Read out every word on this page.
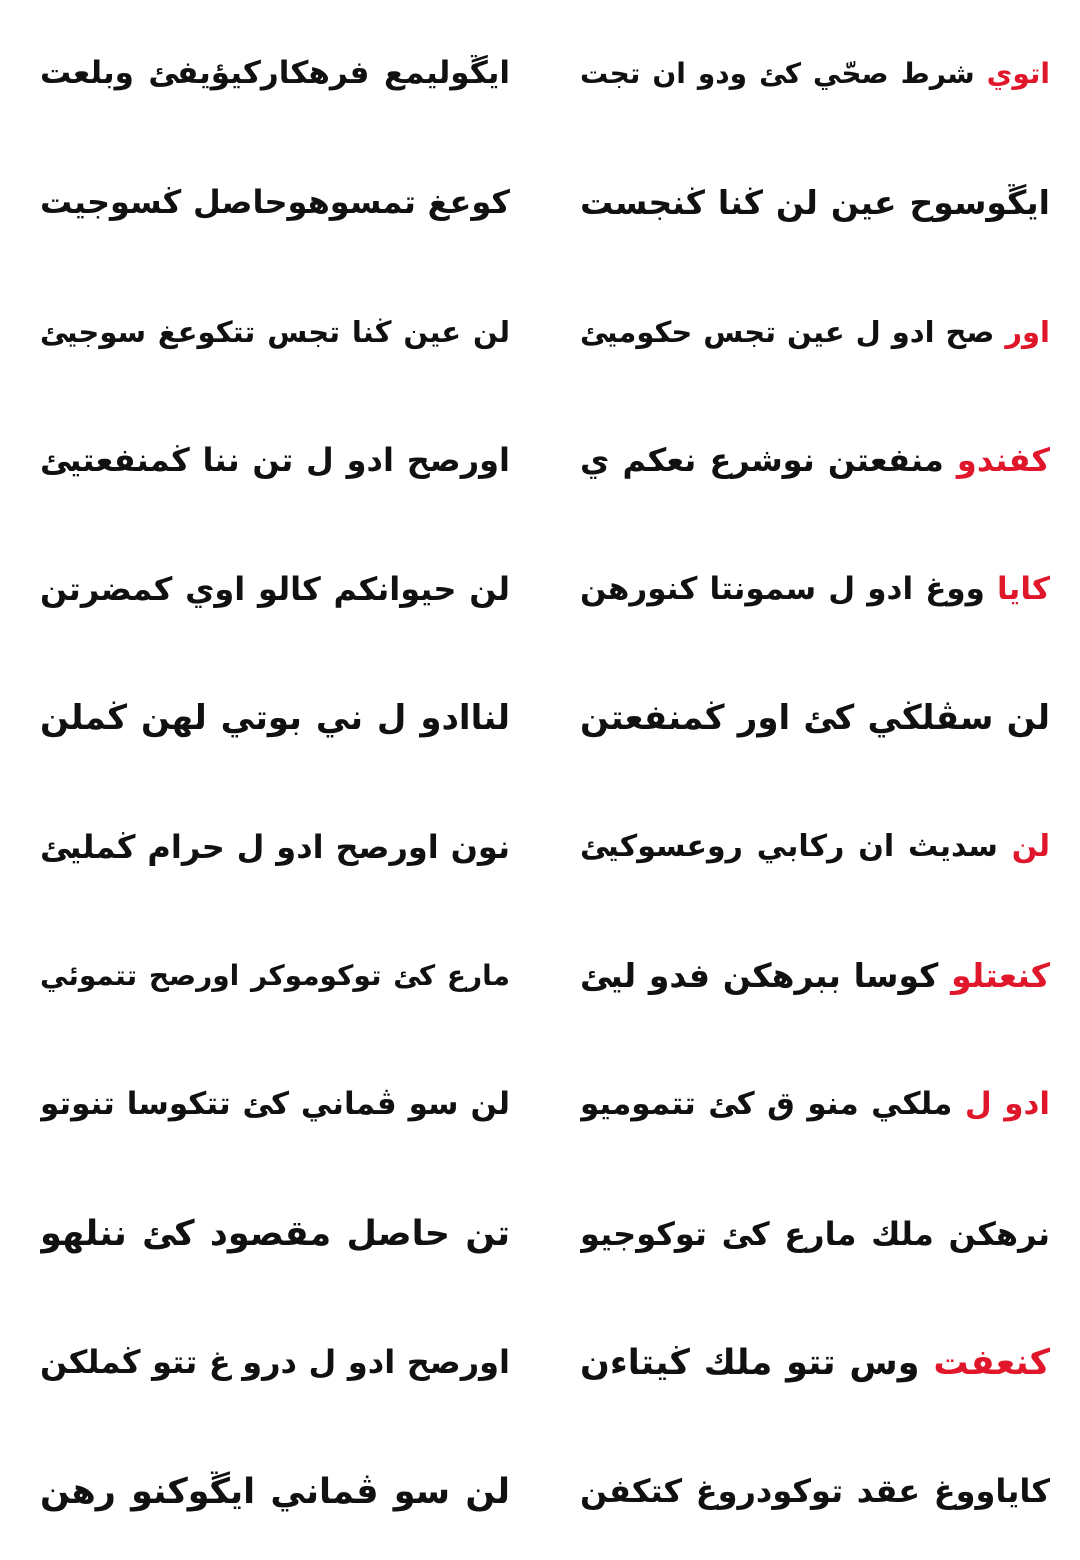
اتوي شرط صحّي كئ ودو ان تجت
ايڱوليمع فرهكاركيؤيفئ وبلعت
ايڱوسوح عين لن ڬنا ڬنجست
كوعغ تمسوهوحاصل ڬسوجيت
اور صح ادو ل عين تجس حكوميئ
لن عين ڬنا تجس تتكوعغ سوجيئ
كفندو منفعتن نوشرع نعكم ي
اورصح ادو ل تن ننا ڬمنفعتيئ
كايا ووغ ادو ل سمونتا كنورهن
لن حيوانكم كالو اوي كمضرتن
لن سڤلڬي كئ اور ڬمنفعتن
لناادو ل ني بوتي لهن ڬملن
لن سديث ان ركابي روعسوكيئ
نون اورصح ادو ل حرام ڬمليئ
كنعتلو كوسا ببرهكن فدو ليئ
مارع كئ توكوموكر اورصح تتموئي
ادو ل ملكي منو ق كئ تتموميو
لن سو ڤماني كئ تتكوسا تنوتو
نرهكن ملك مارع كئ توكوجيو
تن حاصل مقصود كئ ننلهو
كنعفت وس تتو ملك ڬيتاءن
اورصح ادو ل درو غ تتو ڬملكن
كاياووغ عقد توكودروغ كتكفن
لن سو ڤماني ايڱوكنو رهن
